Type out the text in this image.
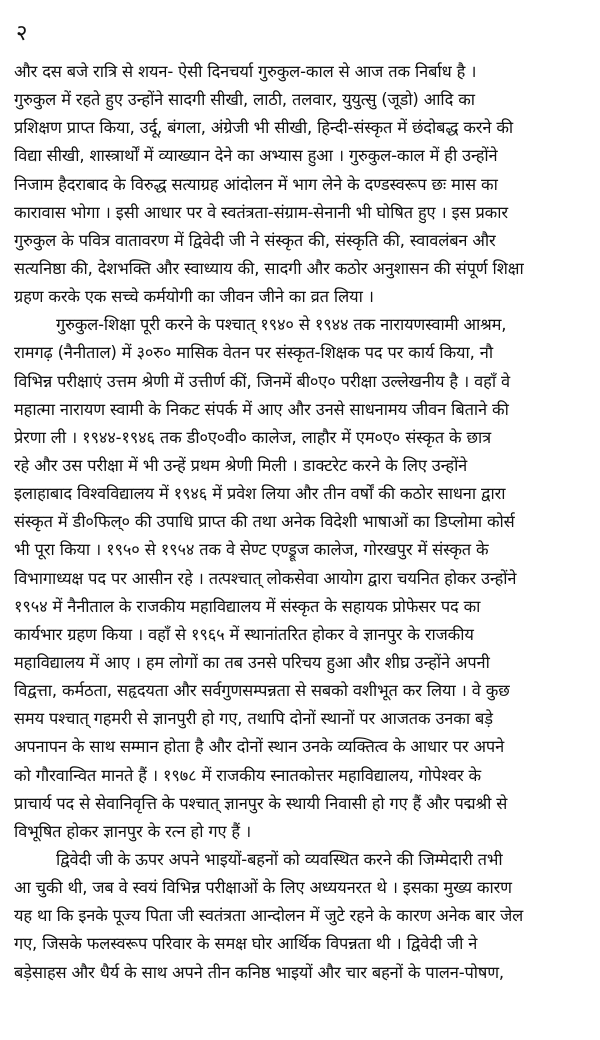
२

और दस बजे रात्रि से शयन- ऐसी दिनचर्या गुरुकुल-काल से आज तक निर्बाध है ।
गुरुकुल में रहते हुए उन्होंने सादगी सीखी, लाठी, तलवार, युयुत्सु (जूडो) आदि का
प्रशिक्षण प्राप्त किया, उर्दू, बंगला, अंग्रेजी भी सीखी, हिन्दी-संस्कृत में छंदोबद्ध करने की
विद्या सीखी, शास्त्रार्थों में व्याख्यान देने का अभ्यास हुआ । गुरुकुल-काल में ही उन्होंने
निजाम हैदराबाद के विरुद्ध सत्याग्रह आंदोलन में भाग लेने के दण्डस्वरूप छः मास का
कारावास भोगा । इसी आधार पर वे स्वतंत्रता-संग्राम-सेनानी भी घोषित हुए । इस प्रकार
गुरुकुल के पवित्र वातावरण में द्विवेदी जी ने संस्कृत की, संस्कृति की, स्वावलंबन और
सत्यनिष्ठा की, देशभक्ति और स्वाध्याय की, सादगी और कठोर अनुशासन की संपूर्ण शिक्षा
ग्रहण करके एक सच्चे कर्मयोगी का जीवन जीने का व्रत लिया ।
गुरुकुल-शिक्षा पूरी करने के पश्चात् १९४० से १९४४ तक नारायणस्वामी आश्रम,
रामगढ़ (नैनीताल) में ३०रु० मासिक वेतन पर संस्कृत-शिक्षक पद पर कार्य किया, नौ
विभिन्न परीक्षाएं उत्तम श्रेणी में उत्तीर्ण कीं, जिनमें बी०ए० परीक्षा उल्लेखनीय है । वहाँ वे
महात्मा नारायण स्वामी के निकट संपर्क में आए और उनसे साधनामय जीवन बिताने की
प्रेरणा ली । १९४४-१९४६ तक डी०ए०वी० कालेज, लाहौर में एम०ए० संस्कृत के छात्र
रहे और उस परीक्षा में भी उन्हें प्रथम श्रेणी मिली । डाक्टरेट करने के लिए उन्होंने
इलाहाबाद विश्वविद्यालय में १९४६ में प्रवेश लिया और तीन वर्षों की कठोर साधना द्वारा
संस्कृत में डी०फिल्० की उपाधि प्राप्त की तथा अनेक विदेशी भाषाओं का डिप्लोमा कोर्स
भी पूरा किया । १९५० से १९५४ तक वे सेण्ट एण्ड्रूज कालेज, गोरखपुर में संस्कृत के
विभागाध्यक्ष पद पर आसीन रहे । तत्पश्चात् लोकसेवा आयोग द्वारा चयनित होकर उन्होंने
१९५४ में नैनीताल के राजकीय महाविद्यालय में संस्कृत के सहायक प्रोफेसर पद का
कार्यभार ग्रहण किया । वहाँ से १९६५ में स्थानांतरित होकर वे ज्ञानपुर के राजकीय
महाविद्यालय में आए । हम लोगों का तब उनसे परिचय हुआ और शीघ्र उन्होंने अपनी
विद्वत्ता, कर्मठता, सहृदयता और सर्वगुणसम्पन्नता से सबको वशीभूत कर लिया । वे कुछ
समय पश्चात् गहमरी से ज्ञानपुरी हो गए, तथापि दोनों स्थानों पर आजतक उनका बड़े
अपनापन के साथ सम्मान होता है और दोनों स्थान उनके व्यक्तित्व के आधार पर अपने
को गौरवान्वित मानते हैं । १९७८ में राजकीय स्नातकोत्तर महाविद्यालय, गोपेश्वर के
प्राचार्य पद से सेवानिवृत्ति के पश्चात् ज्ञानपुर के स्थायी निवासी हो गए हैं और पद्मश्री से
विभूषित होकर ज्ञानपुर के रत्न हो गए हैं ।
द्विवेदी जी के ऊपर अपने भाइयों-बहनों को व्यवस्थित करने की जिम्मेदारी तभी
आ चुकी थी, जब वे स्वयं विभिन्न परीक्षाओं के लिए अध्ययनरत थे । इसका मुख्य कारण
यह था कि इनके पूज्य पिता जी स्वतंत्रता आन्दोलन में जुटे रहने के कारण अनेक बार जेल
गए, जिसके फलस्वरूप परिवार के समक्ष घोर आर्थिक विपन्नता थी । द्विवेदी जी ने
बड़ेसाहस और धैर्य के साथ अपने तीन कनिष्ठ भाइयों और चार बहनों के पालन-पोषण,
